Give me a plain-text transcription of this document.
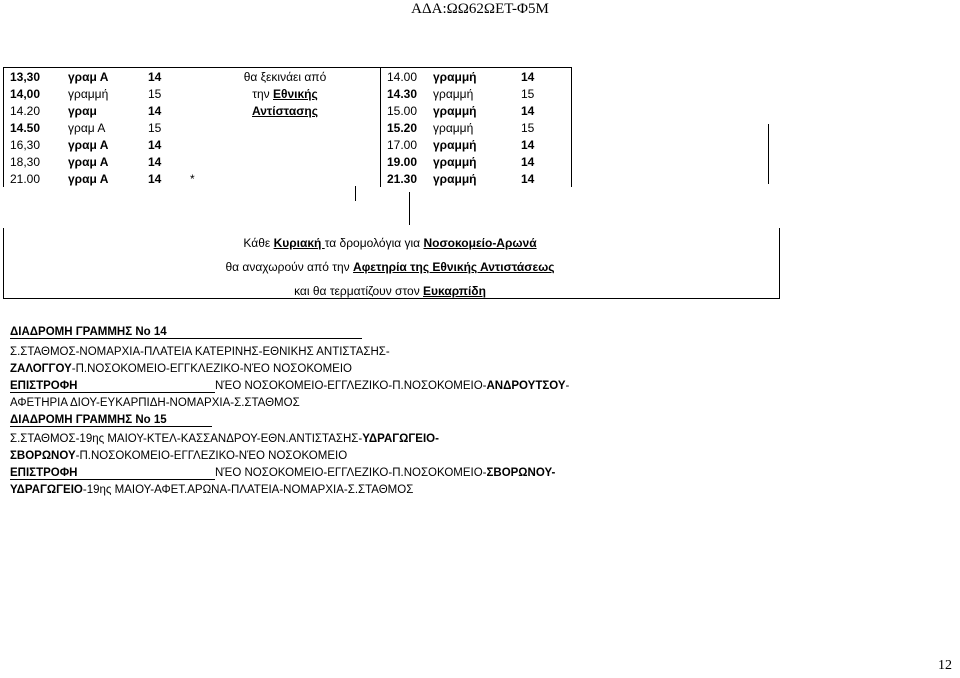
ΑΔΑ:ΩΩ62ΩΕΤ-Φ5Μ
13,30	γραμ Α	14	θα ξεκινάει από	14.00	γραμμή	14
14,00	γραμμή	15	την Εθνικής	14.30	γραμμή	15
14.20	γραμ	14	Αντίστασης	15.00	γραμμή	14
14.50	γραμ Α	15		15.20	γραμμή	15
16,30	γραμ Α	14		17.00	γραμμή	14
18,30	γραμ Α	14		19.00	γραμμή	14
21.00	γραμ Α	14	*	21.30	γραμμή	14
Κάθε Κυριακή τα δρομολόγια για Νοσοκομείο-Αρωνά
θα αναχωρούν από την Αφετηρία της Εθνικής Αντιστάσεως
και θα τερματίζουν στον Ευκαρπίδη
ΔΙΑΔΡΟΜΗ ΓΡΑΜΜΗΣ Νο 14
Σ.ΣΤΑΘΜΟΣ-ΝΟΜΑΡΧΙΑ-ΠΛΑΤΕΙΑ ΚΑΤΕΡΙΝΗΣ-ΕΘΝΙΚΗΣ ΑΝΤΙΣΤΑΣΗΣ-
ΖΑΛΟΓΓΟΥ-Π.ΝΟΣΟΚΟΜΕΙΟ-ΕΓΓΚΛΕΖΙΚΟ-ΝΈΟ ΝΟΣΟΚΟΜΕΙΟ
ΕΠΙΣΤΡΟΦΗ	ΝΈΟ ΝΟΣΟΚΟΜΕΙΟ-ΕΓΓΛΕΖΙΚΟ-Π.ΝΟΣΟΚΟΜΕΙΟ-ΑΝΔΡΟΥΤΣΟΥ-
ΑΦΕΤΗΡΙΑ ΔΙΟΥ-ΕΥΚΑΡΠΙΔΗ-ΝΟΜΑΡΧΙΑ-Σ.ΣΤΑΘΜΟΣ
ΔΙΑΔΡΟΜΗ ΓΡΑΜΜΗΣ Νο 15
Σ.ΣΤΑΘΜΟΣ-19ης ΜΑΙΟΥ-ΚΤΕΛ-ΚΑΣΣΑΝΔΡΟΥ-ΕΘΝ.ΑΝΤΙΣΤΑΣΗΣ-ΥΔΡΑΓΩΓΕΙΟ-
ΣΒΟΡΩΝΟΥ-Π.ΝΟΣΟΚΟΜΕΙΟ-ΕΓΓΛΕΖΙΚΟ-ΝΈΟ ΝΟΣΟΚΟΜΕΙΟ
ΕΠΙΣΤΡΟΦΗ	ΝΈΟ ΝΟΣΟΚΟΜΕΙΟ-ΕΓΓΛΕΖΙΚΟ-Π.ΝΟΣΟΚΟΜΕΙΟ-ΣΒΟΡΩΝΟΥ-
ΥΔΡΑΓΩΓΕΙΟ-19ης ΜΑΙΟΥ-ΑΦΕΤ.ΑΡΩΝΑ-ΠΛΑΤΕΙΑ-ΝΟΜΑΡΧΙΑ-Σ.ΣΤΑΘΜΟΣ
12
